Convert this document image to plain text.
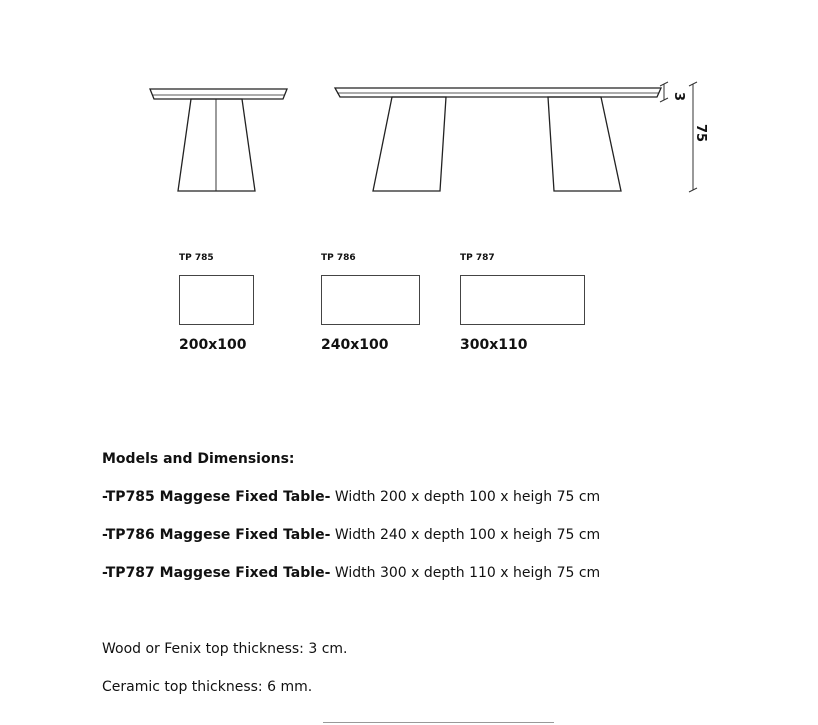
3
75
TP 785
200x100
TP 786
240x100
TP 787
300x110
Models and Dimensions:
-TP785 Maggese Fixed Table- Width 200 x depth 100 x heigh 75 cm
-TP786 Maggese Fixed Table- Width 240 x depth 100 x heigh 75 cm
-TP787 Maggese Fixed Table- Width 300 x depth 110 x heigh 75 cm
Wood or Fenix top thickness: 3 cm.
Ceramic top thickness: 6 mm.
